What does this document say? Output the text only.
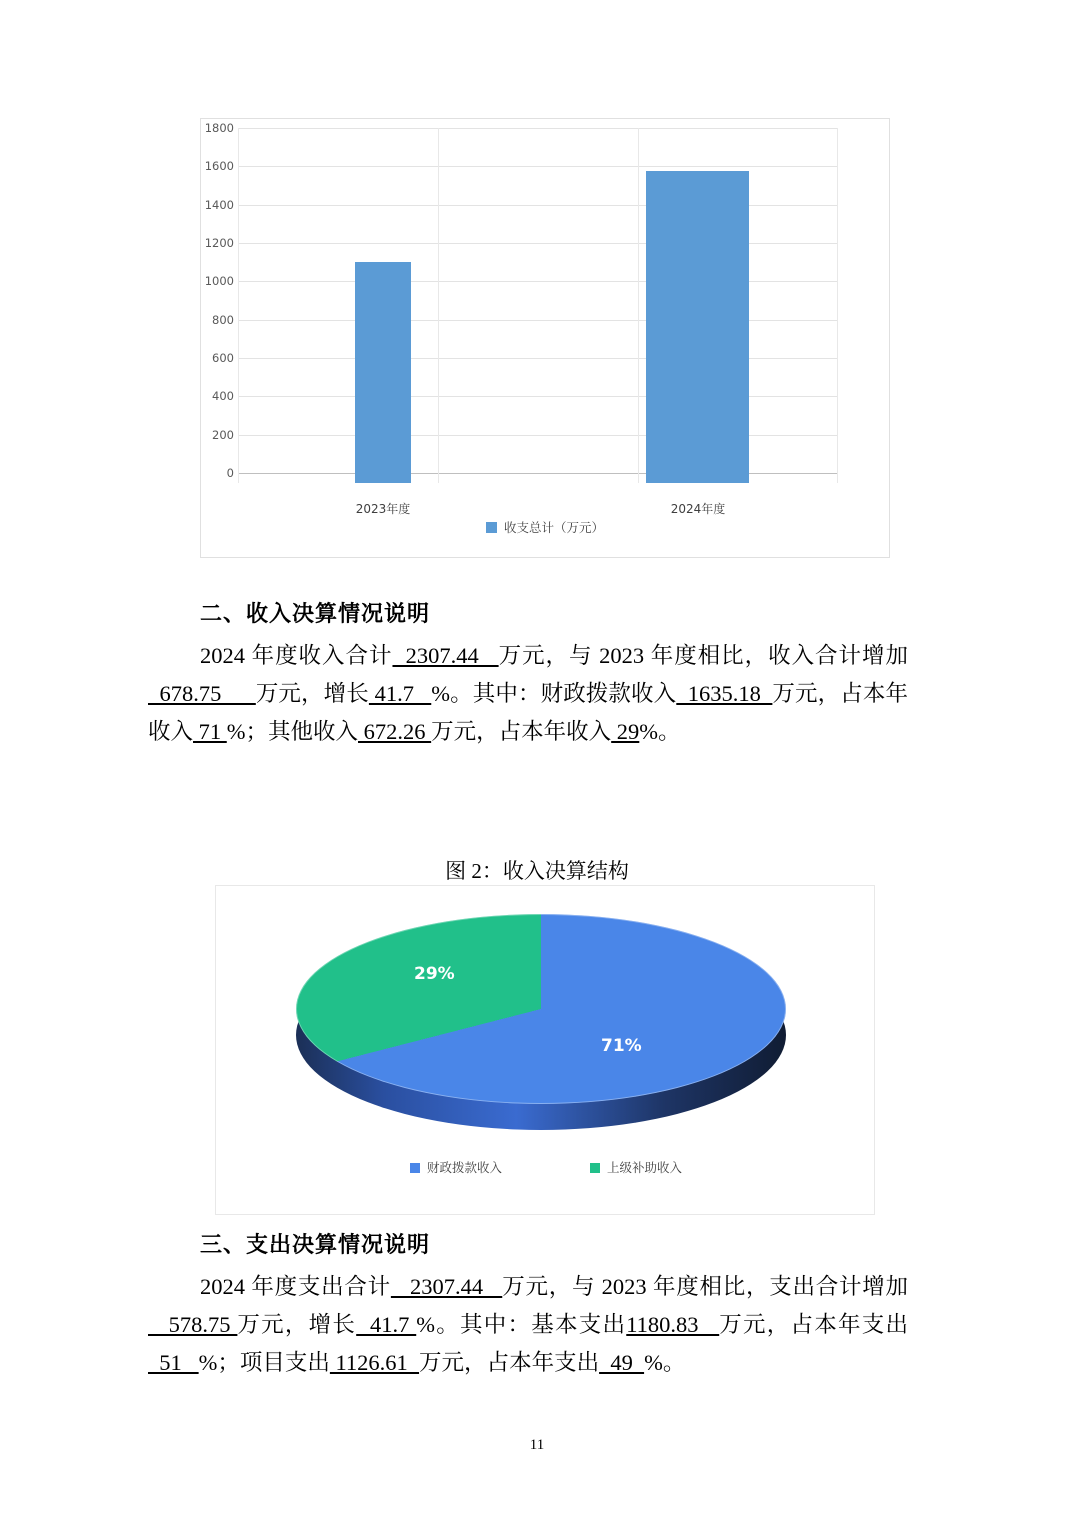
1800
1600
1400
1200
1000
800
600
400
200
0
2023年度	2024年度
收支总计（万元）
二、收入决算情况说明
2024 年度收入合计  2307.44   万元，与 2023 年度相比，收入合计增加  678.75      万元，增长 41.7   %。其中：财政拨款收入  1635.18  万元，占本年收入 71 %；其他收入 672.26 万元，占本年收入 29%。
图 2：收入决算结构
29%
71%
财政拨款收入	上级补助收入
三、支出决算情况说明
2024 年度支出合计   2307.44   万元，与 2023 年度相比，支出合计增加   578.75 万元，增长  41.7 %。其中：基本支出1180.83   万元，占本年支出  51   %；项目支出 1126.61  万元，占本年支出  49  %。
11
